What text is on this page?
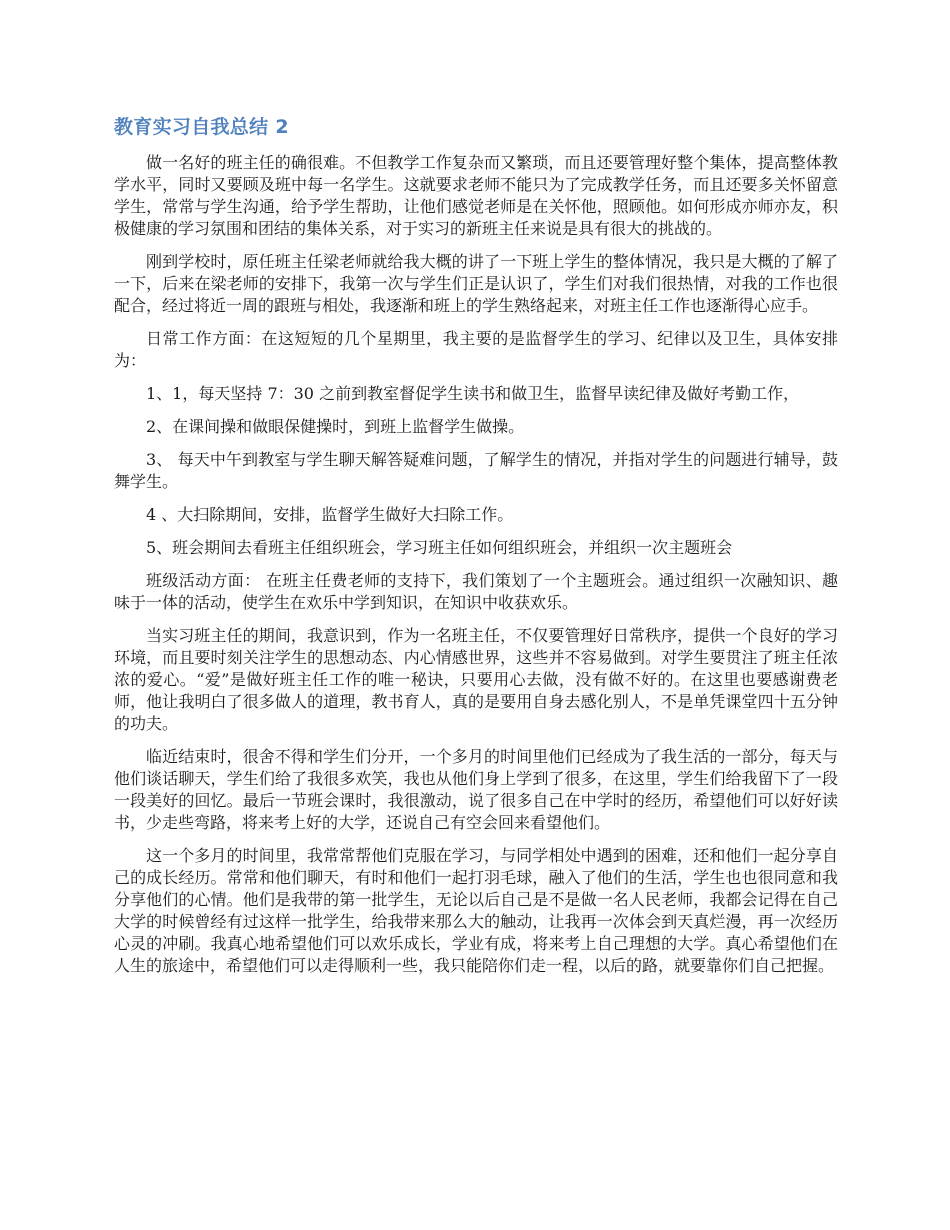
教育实习自我总结 2

做一名好的班主任的确很难。不但教学工作复杂而又繁琐，而且还要管理好整个集体，提高整体教学水平，同时又要顾及班中每一名学生。这就要求老师不能只为了完成教学任务，而且还要多关怀留意学生，常常与学生沟通，给予学生帮助，让他们感觉老师是在关怀他，照顾他。如何形成亦师亦友，积极健康的学习氛围和团结的集体关系，对于实习的新班主任来说是具有很大的挑战的。

刚到学校时，原任班主任梁老师就给我大概的讲了一下班上学生的整体情况，我只是大概的了解了一下，后来在梁老师的安排下，我第一次与学生们正是认识了，学生们对我们很热情，对我的工作也很配合，经过将近一周的跟班与相处，我逐渐和班上的学生熟络起来，对班主任工作也逐渐得心应手。

日常工作方面：在这短短的几个星期里，我主要的是监督学生的学习、纪律以及卫生，具体安排为：

1、1，每天坚持 7：30 之前到教室督促学生读书和做卫生，监督早读纪律及做好考勤工作，

2、在课间操和做眼保健操时，到班上监督学生做操。

3、 每天中午到教室与学生聊天解答疑难问题，了解学生的情况，并指对学生的问题进行辅导，鼓舞学生。

4 、大扫除期间，安排，监督学生做好大扫除工作。

5、班会期间去看班主任组织班会，学习班主任如何组织班会，并组织一次主题班会

班级活动方面： 在班主任费老师的支持下，我们策划了一个主题班会。通过组织一次融知识、趣味于一体的活动，使学生在欢乐中学到知识，在知识中收获欢乐。

当实习班主任的期间，我意识到，作为一名班主任，不仅要管理好日常秩序，提供一个良好的学习环境，而且要时刻关注学生的思想动态、内心情感世界，这些并不容易做到。对学生要贯注了班主任浓浓的爱心。“爱”是做好班主任工作的唯一秘诀，只要用心去做，没有做不好的。在这里也要感谢费老师，他让我明白了很多做人的道理，教书育人，真的是要用自身去感化别人，不是单凭课堂四十五分钟的功夫。

临近结束时，很舍不得和学生们分开，一个多月的时间里他们已经成为了我生活的一部分，每天与他们谈话聊天，学生们给了我很多欢笑，我也从他们身上学到了很多，在这里，学生们给我留下了一段一段美好的回忆。最后一节班会课时，我很激动，说了很多自己在中学时的经历，希望他们可以好好读书，少走些弯路，将来考上好的大学，还说自己有空会回来看望他们。

这一个多月的时间里，我常常帮他们克服在学习，与同学相处中遇到的困难，还和他们一起分享自己的成长经历。常常和他们聊天，有时和他们一起打羽毛球，融入了他们的生活，学生也也很同意和我分享他们的心情。他们是我带的第一批学生，无论以后自己是不是做一名人民老师，我都会记得在自己大学的时候曾经有过这样一批学生，给我带来那么大的触动，让我再一次体会到天真烂漫，再一次经历心灵的冲刷。我真心地希望他们可以欢乐成长，学业有成，将来考上自己理想的大学。真心希望他们在人生的旅途中，希望他们可以走得顺利一些，我只能陪你们走一程，以后的路，就要靠你们自己把握。
